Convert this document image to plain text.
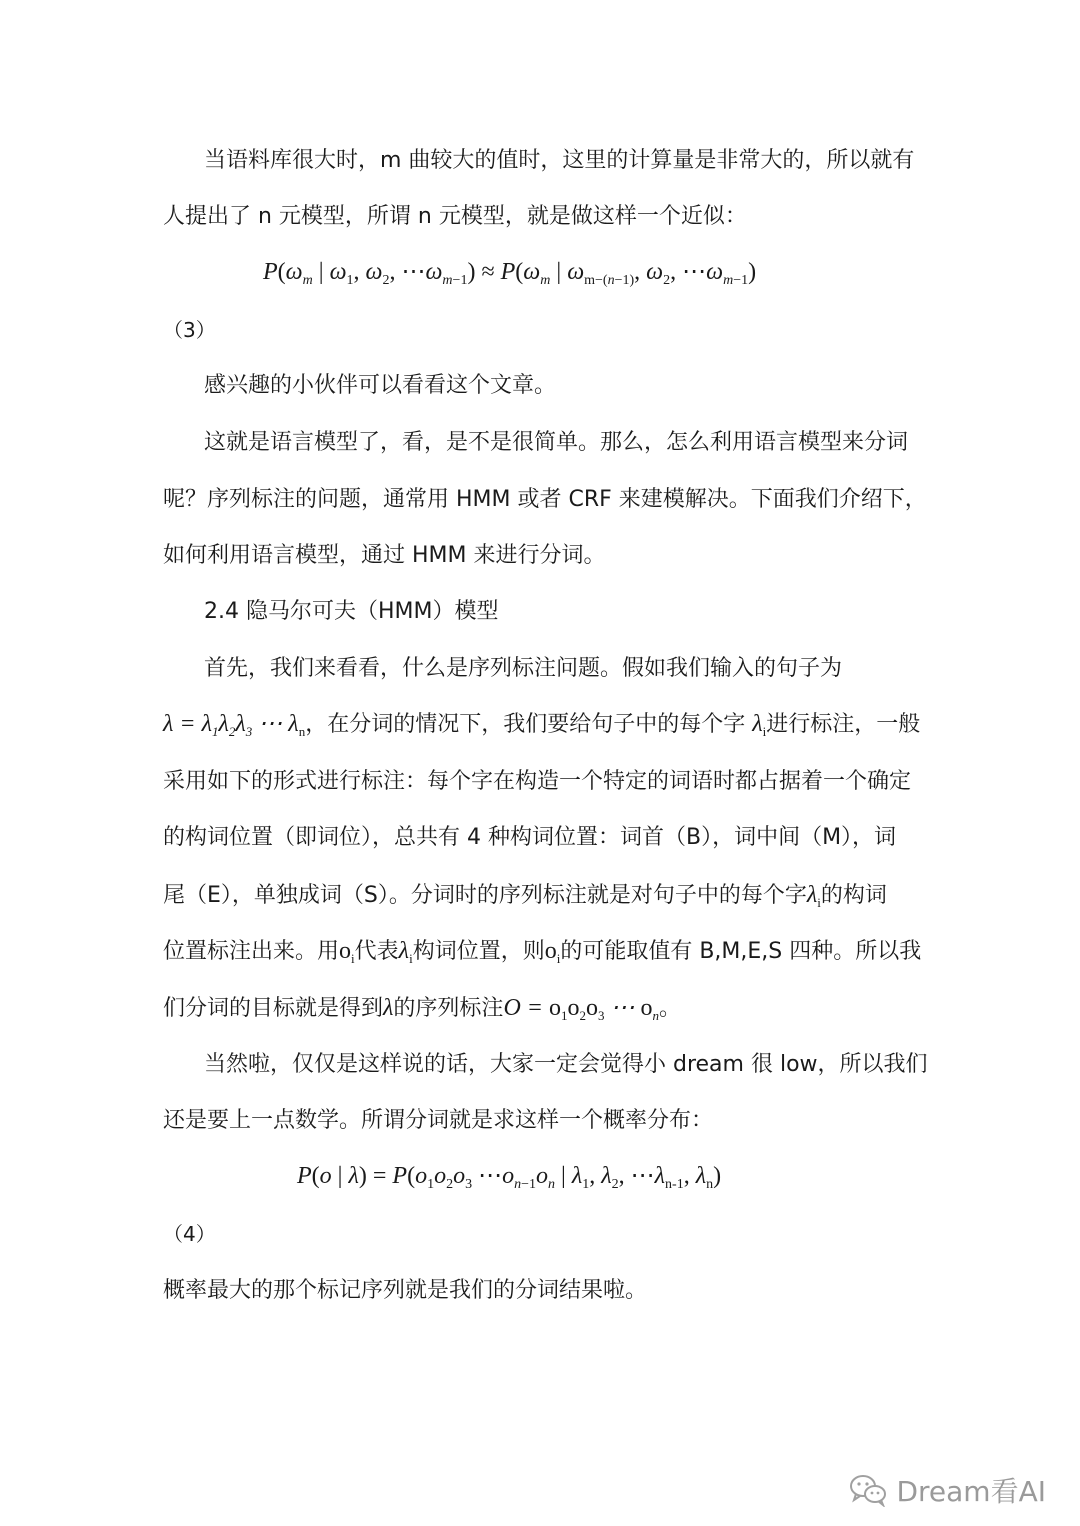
当语料库很大时，m 曲较大的值时，这里的计算量是非常大的，所以就有
人提出了 n 元模型，所谓 n 元模型，就是做这样一个近似：
$P(\omega_m$ | $\omega_1$, $\omega_2$, $\cdots\omega_{m-1}) \approx P(\omega_m$ | $\omega_{m-(n-1)}$, $\omega_2$, $\cdots\omega_{m-1}$)
（3）
感兴趣的小伙伴可以看看这个文章。
这就是语言模型了，看，是不是很简单。那么，怎么利用语言模型来分词
呢？序列标注的问题，通常用 HMM 或者 CRF 来建模解决。下面我们介绍下，
如何利用语言模型，通过 HMM 来进行分词。
2.4 隐马尔可夫（HMM）模型
首先，我们来看看，什么是序列标注问题。假如我们输入的句子为
$\lambda = \lambda_1\lambda_2\lambda_3$ ⋯ $\lambda_n$，在分词的情况下，我们要给句子中的每个字 $\lambda_i$进行标注，一般
采用如下的形式进行标注：每个字在构造一个特定的词语时都占据着一个确定
的构词位置（即词位），总共有 4 种构词位置：词首（B），词中间（M），词
尾（E），单独成词（S）。分词时的序列标注就是对句子中的每个字$\lambda_i$的构词
位置标注出来。用$o_i$代表$\lambda_i$构词位置，则$o_i$的可能取值有 B,M,E,S 四种。所以我
们分词的目标就是得到λ的序列标注$O = o_1o_2o_3$ ⋯ $o_n$。
当然啦，仅仅是这样说的话，大家一定会觉得小 dream 很 low，所以我们
还是要上一点数学。所谓分词就是求这样一个概率分布：
P(o | $\lambda) = P(o_1o_2o_3$ $\cdots o_{n-1}o_n$ | $\lambda_1$, $\lambda_2$, $\cdots\lambda_{n-1}$, $\lambda_n$)
（4）
概率最大的那个标记序列就是我们的分词结果啦。
Dream看AI
